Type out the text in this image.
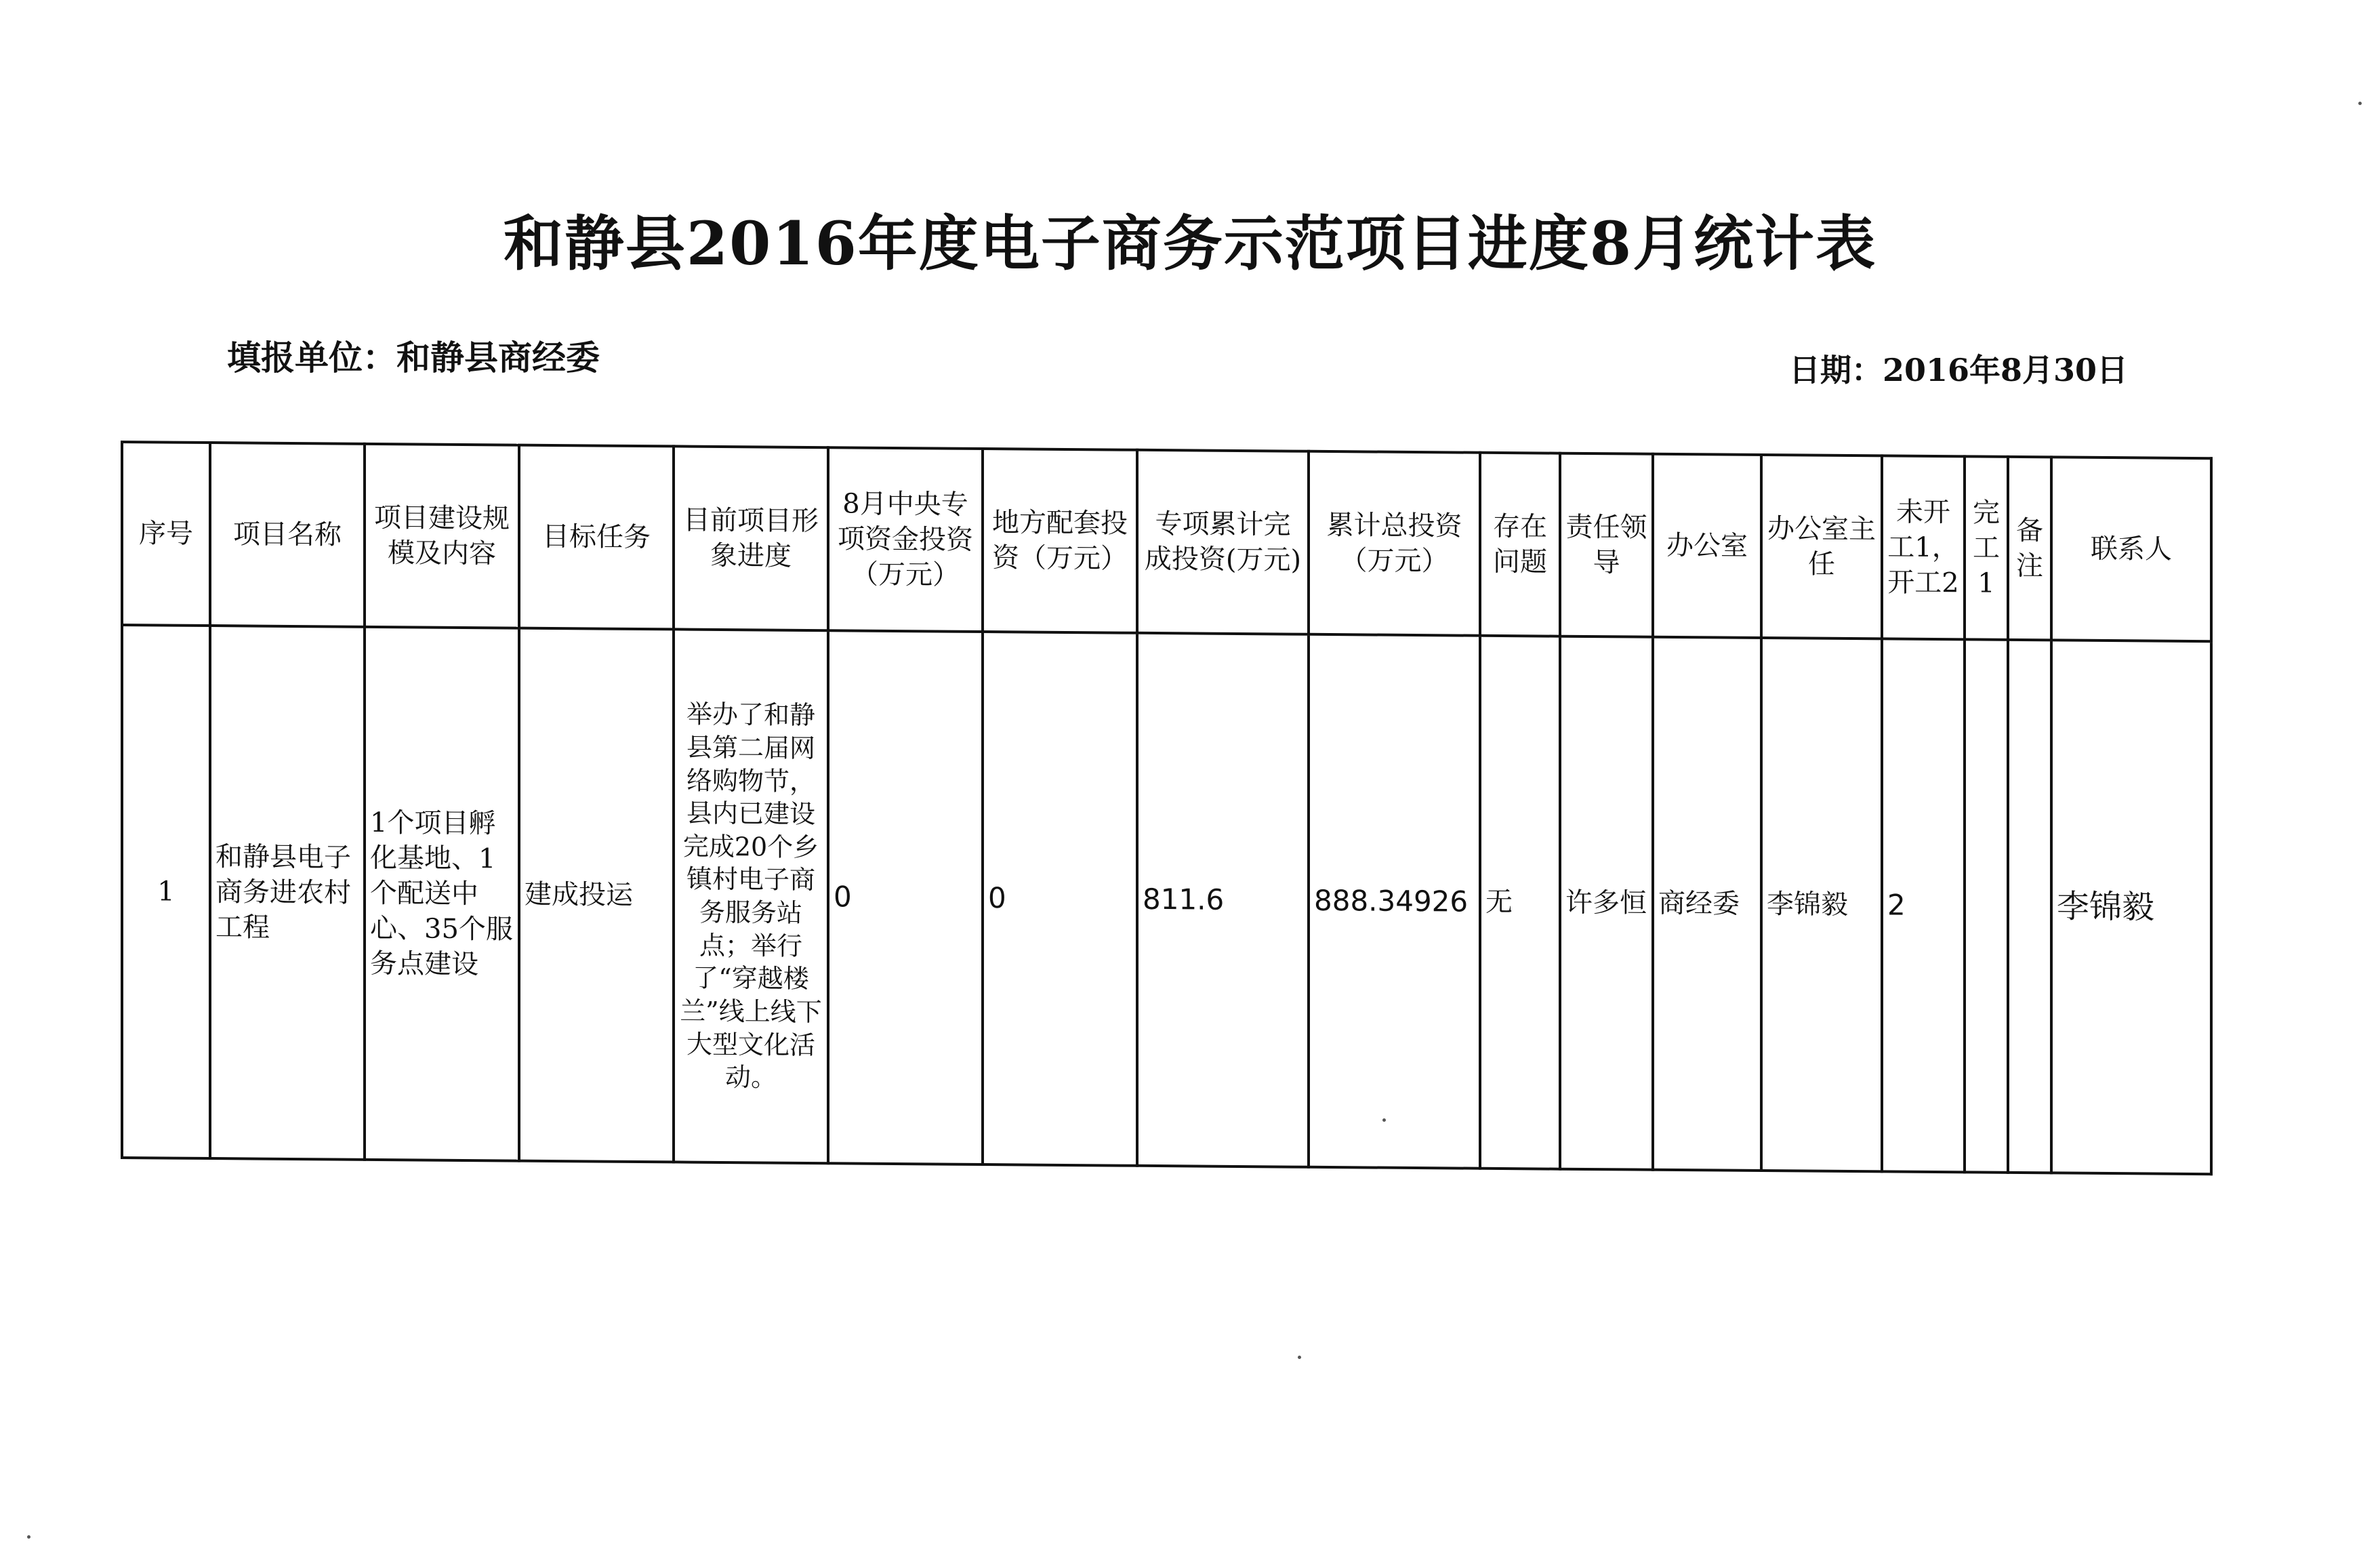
和静县2016年度电子商务示范项目进度8月统计表
填报单位：和静县商经委	日期：2016年8月30日
序号	项目名称	项目建设规模及内容	目标任务	目前项目形象进度	8月中央专项资金投资（万元）	地方配套投资（万元）	专项累计完成投资(万元)	累计总投资（万元）	存在问题	责任领导	办公室	办公室主任	未开工1，开工2	完工1	备注	联系人
1	和静县电子商务进农村工程	1个项目孵化基地、1个配送中心、35个服务点建设	建成投运	举办了和静县第二届网络购物节，县内已建设完成20个乡镇村电子商务服务站点；举行了“穿越楼兰”线上线下大型文化活动。	0	0	811.6	888.34926	无	许多恒	商经委	李锦毅	2			李锦毅
